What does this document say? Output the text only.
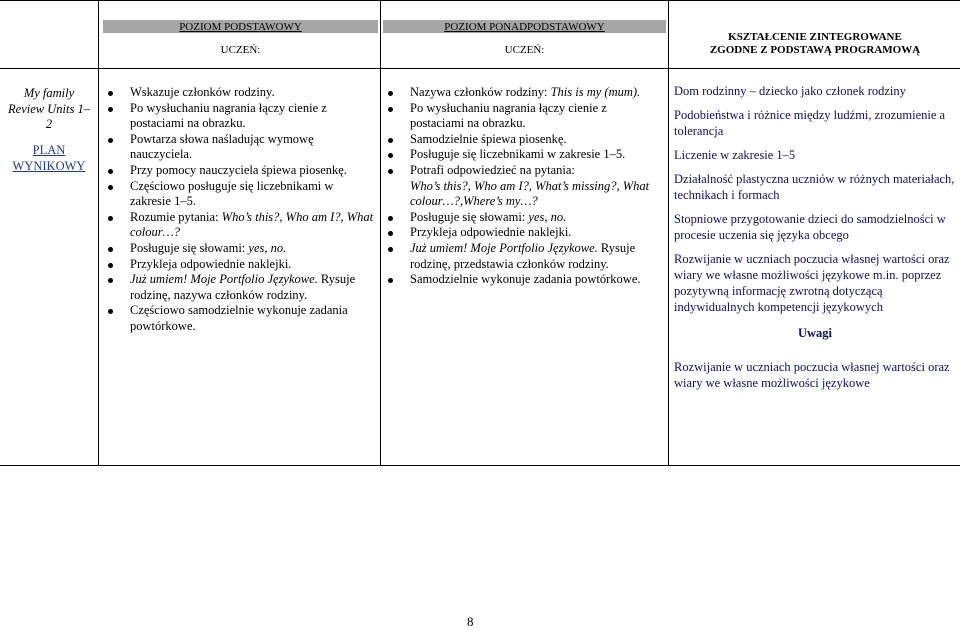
POZIOM PODSTAWOWY
UCZEŃ:
POZIOM PONADPODSTAWOWY
UCZEŃ:
KSZTAŁCENIE ZINTEGROWANE
ZGODNE Z PODSTAWĄ PROGRAMOWĄ
My family
Review Units 1–
2
PLAN
WYNIKOWY
Wskazuje członków rodziny.
Po wysłuchaniu nagrania łączy cienie z postaciami na obrazku.
Powtarza słowa naśladując wymowę nauczyciela.
Przy pomocy nauczyciela śpiewa piosenkę.
Częściowo posługuje się liczebnikami w zakresie 1–5.
Rozumie pytania: Who’s this?, Who am I?, What colour…?
Posługuje się słowami: yes, no.
Przykleja odpowiednie naklejki.
Już umiem! Moje Portfolio Językowe. Rysuje rodzinę, nazywa członków rodziny.
Częściowo samodzielnie wykonuje zadania powtórkowe.
Nazywa członków rodziny: This is my (mum).
Po wysłuchaniu nagrania łączy cienie z postaciami na obrazku.
Samodzielnie śpiewa piosenkę.
Posługuje się liczebnikami w zakresie 1–5.
Potrafi odpowiedzieć na pytania:
Who’s this?, Who am I?, What’s missing?, What colour…?,Where’s my…?
Posługuje się słowami: yes, no.
Przykleja odpowiednie naklejki.
Już umiem! Moje Portfolio Językowe. Rysuje rodzinę, przedstawia członków rodziny.
Samodzielnie wykonuje zadania powtórkowe.
Dom rodzinny – dziecko jako członek rodziny
Podobieństwa i różnice między ludźmi, zrozumienie a tolerancja
Liczenie w zakresie 1–5
Działalność plastyczna uczniów w różnych materiałach, technikach i formach
Stopniowe przygotowanie dzieci do samodzielności w procesie uczenia się języka obcego
Rozwijanie w uczniach poczucia własnej wartości oraz wiary we własne możliwości językowe m.in. poprzez pozytywną informację zwrotną dotyczącą indywidualnych kompetencji językowych
Uwagi
Rozwijanie w uczniach poczucia własnej wartości oraz wiary we własne możliwości językowe
8
